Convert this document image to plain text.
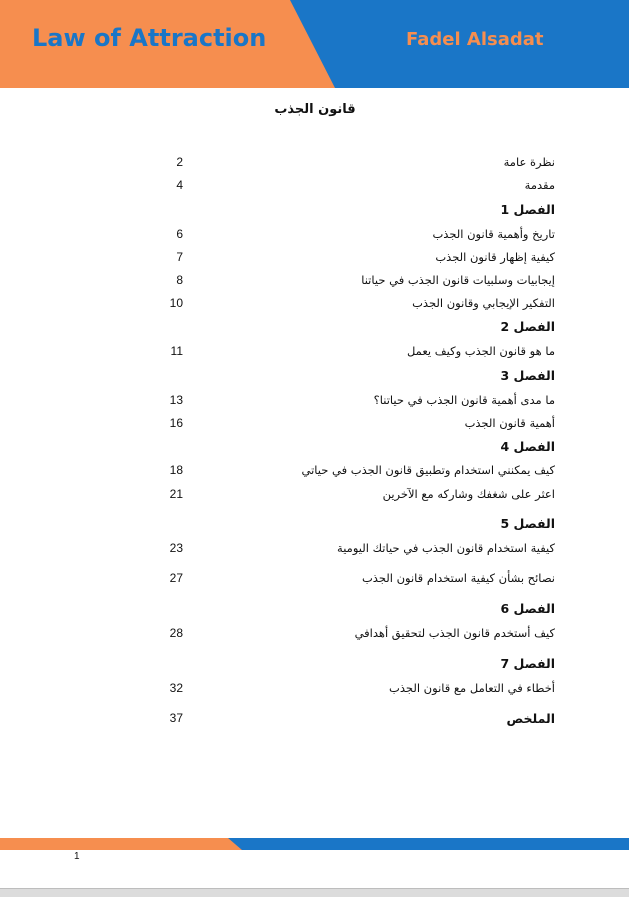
Law of Attraction	Fadel Alsadat
قانون الجذب
نظرة عامة
2
مقدمة
4
الفصل 1
تاريخ وأهمية قانون الجذب
6
كيفية إظهار قانون الجذب
7
إيجابيات وسلبيات قانون الجذب في حياتنا
8
التفكير الإيجابي وقانون الجذب
10
الفصل 2
ما هو قانون الجذب وكيف يعمل
11
الفصل 3
ما مدى أهمية قانون الجذب في حياتنا؟
13
أهمية قانون الجذب
16
الفصل 4
كيف يمكنني استخدام وتطبيق قانون الجذب في حياتي
18
اعثر على شغفك وشاركه مع الآخرين
21
الفصل 5
كيفية استخدام قانون الجذب في حياتك اليومية
23
نصائح بشأن كيفية استخدام قانون الجذب
27
الفصل 6
كيف أستخدم قانون الجذب لتحقيق أهدافي
28
الفصل 7
أخطاء في التعامل مع قانون الجذب
32
الملخص
37
1
